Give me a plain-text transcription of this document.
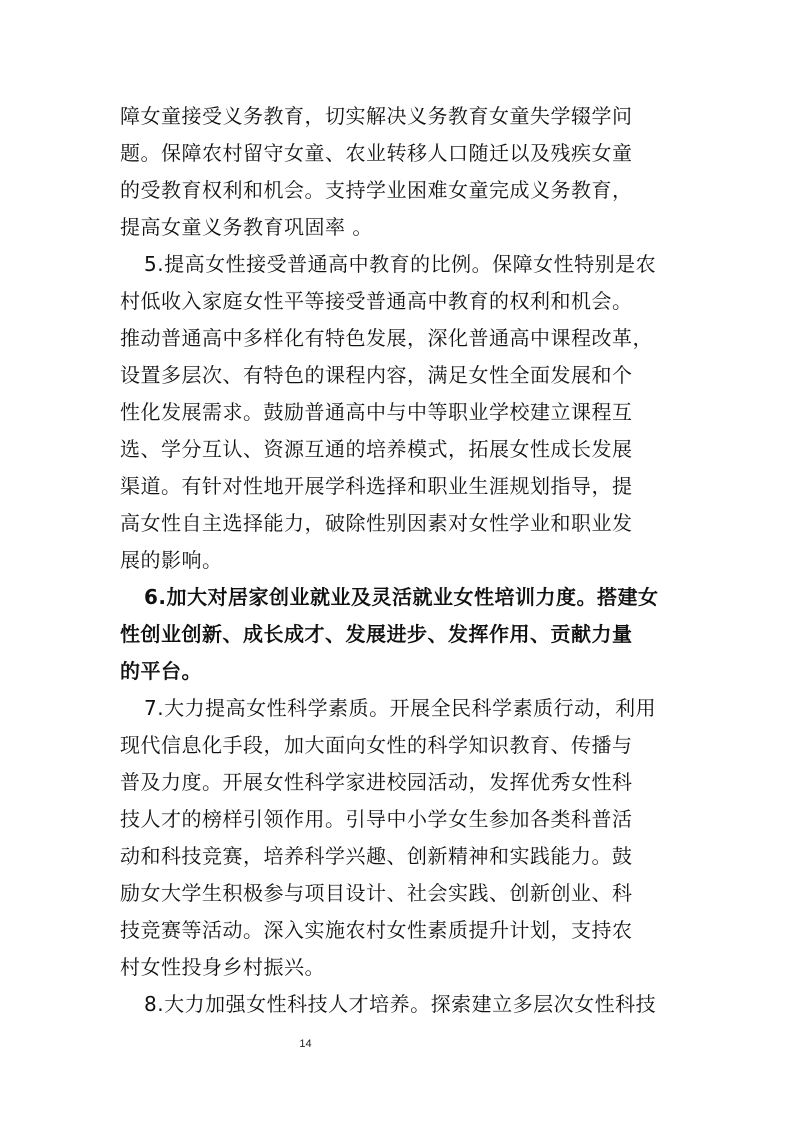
障女童接受义务教育，切实解决义务教育女童失学辍学问
题。保障农村留守女童、农业转移人口随迁以及残疾女童
的受教育权利和机会。支持学业困难女童完成义务教育，
提高女童义务教育巩固率 。
5.提高女性接受普通高中教育的比例。保障女性特别是农
村低收入家庭女性平等接受普通高中教育的权利和机会。
推动普通高中多样化有特色发展，深化普通高中课程改革，
设置多层次、有特色的课程内容，满足女性全面发展和个
性化发展需求。鼓励普通高中与中等职业学校建立课程互
选、学分互认、资源互通的培养模式，拓展女性成长发展
渠道。有针对性地开展学科选择和职业生涯规划指导，提
高女性自主选择能力，破除性别因素对女性学业和职业发
展的影响。
6.加大对居家创业就业及灵活就业女性培训力度。搭建女
性创业创新、成长成才、发展进步、发挥作用、贡献力量
的平台。
7.大力提高女性科学素质。开展全民科学素质行动，利用
现代信息化手段，加大面向女性的科学知识教育、传播与
普及力度。开展女性科学家进校园活动，发挥优秀女性科
技人才的榜样引领作用。引导中小学女生参加各类科普活
动和科技竞赛，培养科学兴趣、创新精神和实践能力。鼓
励女大学生积极参与项目设计、社会实践、创新创业、科
技竞赛等活动。深入实施农村女性素质提升计划，支持农
村女性投身乡村振兴。
8.大力加强女性科技人才培养。探索建立多层次女性科技
14
